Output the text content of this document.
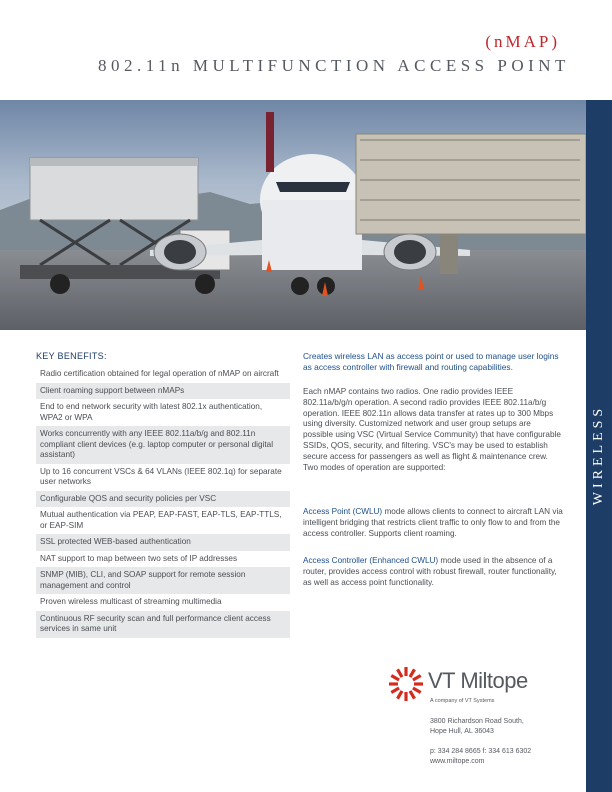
(nMAP)
802.11n MULTIFUNCTION ACCESS POINT
WIRELESS
KEY BENEFITS:
Radio certification obtained for legal operation of nMAP on aircraft
Client roaming support between nMAPs
End to end network security with latest 802.1x authentication, WPA2 or WPA
Works concurrently with any IEEE 802.11a/b/g and 802.11n compliant client devices (e.g. laptop computer or personal digital assistant)
Up to 16 concurrent VSCs & 64 VLANs (IEEE 802.1q) for separate user networks
Configurable QOS and security policies per VSC
Mutual authentication via PEAP, EAP-FAST, EAP-TLS, EAP-TTLS, or EAP-SIM
SSL protected WEB-based authentication
NAT support to map between two sets of IP addresses
SNMP (MIB), CLI, and SOAP support for remote session management and control
Proven wireless multicast of streaming multimedia
Continuous RF security scan and full performance client access services in same unit
Creates wireless LAN as access point or used to manage user logins as access controller with firewall and routing capabilities.
Each nMAP contains two radios. One radio provides IEEE 802.11a/b/g/n operation. A second radio provides IEEE 802.11a/b/g operation. IEEE 802.11n allows data transfer at rates up to 300 Mbps using diversity. Customized network and user group setups are possible using VSC (Virtual Service Community) that have configurable SSIDs, QOS, security, and filtering. VSC's may be used to establish secure access for passengers as well as flight & maintenance crew. Two modes of operation are supported:
Access Point (CWLU) mode allows clients to connect to aircraft LAN via intelligent bridging that restricts client traffic to only flow to and from the access controller. Supports client roaming.
Access Controller (Enhanced CWLU) mode used in the absence of a router, provides access control with robust firewall, router functionality, as well as access point functionality.
VT Miltope
A company of VT Systems
3800 Richardson Road South,
Hope Hull, AL 36043
p: 334 284 8665 f: 334 613 6302
www.miltope.com
